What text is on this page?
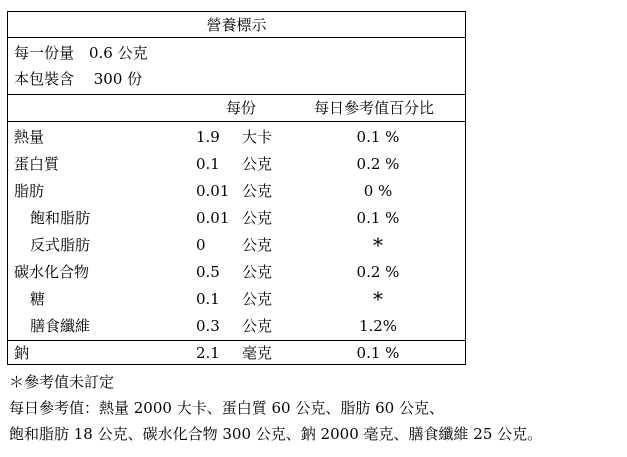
營養標示
每一份量　0.6 公克
本包裝含　 300 份
每份	每日參考值百分比
熱量	1.9 大卡	0.1 %
蛋白質	0.1 公克	0.2 %
脂肪	0.01 公克	0 %
飽和脂肪	0.01 公克	0.1 %
反式脂肪	0 公克	*
碳水化合物	0.5 公克	0.2 %
糖	0.1 公克	*
膳食纖維	0.3 公克	1.2%
鈉	2.1 毫克	0.1 %
＊參考值未訂定
每日參考值：熱量 2000 大卡、蛋白質 60 公克、脂肪 60 公克、
飽和脂肪 18 公克、碳水化合物 300 公克、鈉 2000 毫克、膳食纖維 25 公克。
